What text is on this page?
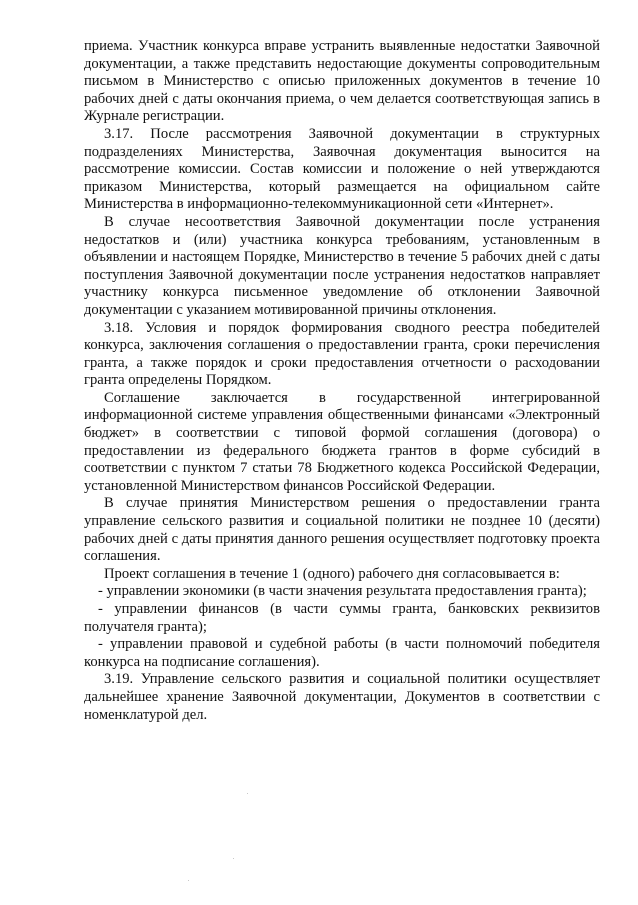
приема. Участник конкурса вправе устранить выявленные недостатки Заявочной документации, а также представить недостающие документы сопроводительным письмом в Министерство с описью приложенных документов в течение 10 рабочих дней с даты окончания приема, о чем делается соответствующая запись в Журнале регистрации.

3.17. После рассмотрения Заявочной документации в структурных подразделениях Министерства, Заявочная документация выносится на рассмотрение комиссии. Состав комиссии и положение о ней утверждаются приказом Министерства, который размещается на официальном сайте Министерства в информационно-телекоммуникационной сети «Интернет».

В случае несоответствия Заявочной документации после устранения недостатков и (или) участника конкурса требованиям, установленным в объявлении и настоящем Порядке, Министерство в течение 5 рабочих дней с даты поступления Заявочной документации после устранения недостатков направляет участнику конкурса письменное уведомление об отклонении Заявочной документации с указанием мотивированной причины отклонения.

3.18. Условия и порядок формирования сводного реестра победителей конкурса, заключения соглашения о предоставлении гранта, сроки перечисления гранта, а также порядок и сроки предоставления отчетности о расходовании гранта определены Порядком.

Соглашение заключается в государственной интегрированной информационной системе управления общественными финансами «Электронный бюджет» в соответствии с типовой формой соглашения (договора) о предоставлении из федерального бюджета грантов в форме субсидий в соответствии с пунктом 7 статьи 78 Бюджетного кодекса Российской Федерации, установленной Министерством финансов Российской Федерации.

В случае принятия Министерством решения о предоставлении гранта управление сельского развития и социальной политики не позднее 10 (десяти) рабочих дней с даты принятия данного решения осуществляет подготовку проекта соглашения.

Проект соглашения в течение 1 (одного) рабочего дня согласовывается в:

- управлении экономики (в части значения результата предоставления гранта);

- управлении финансов (в части суммы гранта, банковских реквизитов получателя гранта);

- управлении правовой и судебной работы (в части полномочий победителя конкурса на подписание соглашения).

3.19. Управление сельского развития и социальной политики осуществляет дальнейшее хранение Заявочной документации, Документов в соответствии с номенклатурой дел.
